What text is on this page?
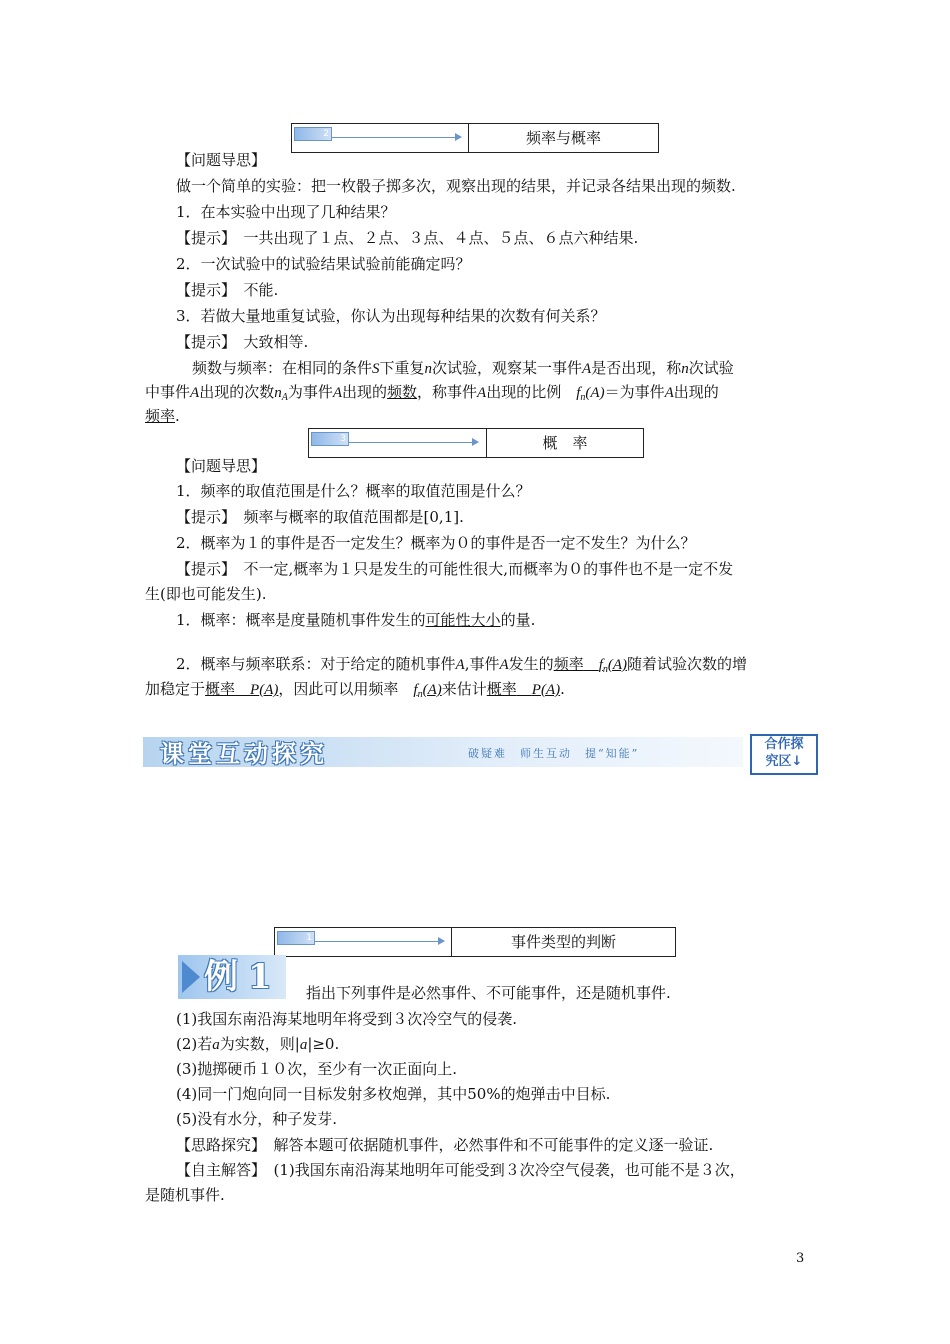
2	频率与概率
【问题导思】
做一个简单的实验：把一枚骰子掷多次，观察出现的结果，并记录各结果出现的频数.
1．在本实验中出现了几种结果？
【提示】　 一共出现了１点、２点、３点、４点、５点、６点六种结果.
2．一次试验中的试验结果试验前能确定吗？
【提示】　 不能.
3．若做大量地重复试验，你认为出现每种结果的次数有何关系？
【提示】　 大致相等.
频数与频率：在相同的条件S下重复n次试验，观察某一事件A是否出现，称n次试验
中事件A出现的次数$n_A$为事件A出现的频数，称事件A出现的比例　 $f_n(A)=$为事件A出现的
频率.
3	概　率
【问题导思】
1．频率的取值范围是什么？概率的取值范围是什么？
【提示】　 频率与概率的取值范围都是[0,1].
2．概率为１的事件是否一定发生？概率为０的事件是否一定不发生？为什么？
【提示】　 不一定,概率为１只是发生的可能性很大,而概率为０的事件也不是一定不发
生(即也可能发生).
1．概率：概率是度量随机事件发生的可能性大小的量.
2．概率与频率联系：对于给定的随机事件A,事件A发生的频率　 $f_n(A)$随着试验次数的增
加稳定于概率　 P(A)，因此可以用频率　 $f_n(A)$来估计概率　 P(A).
课堂互动探究	破疑难　师生互动　提“知能”
合作探
究区↓
1	事件类型的判断
例 1 指出下列事件是必然事件、不可能事件，还是随机事件.
(1)我国东南沿海某地明年将受到３次冷空气的侵袭.
(2)若a为实数，则|a|≥0.
(3)抛掷硬币１０次，至少有一次正面向上.
(4)同一门炮向同一目标发射多枚炮弹，其中50%的炮弹击中目标.
(5)没有水分，种子发芽.
【思路探究】　 解答本题可依据随机事件，必然事件和不可能事件的定义逐一验证.
【自主解答】　 (1)我国东南沿海某地明年可能受到３次冷空气侵袭，也可能不是３次，
是随机事件.
3
